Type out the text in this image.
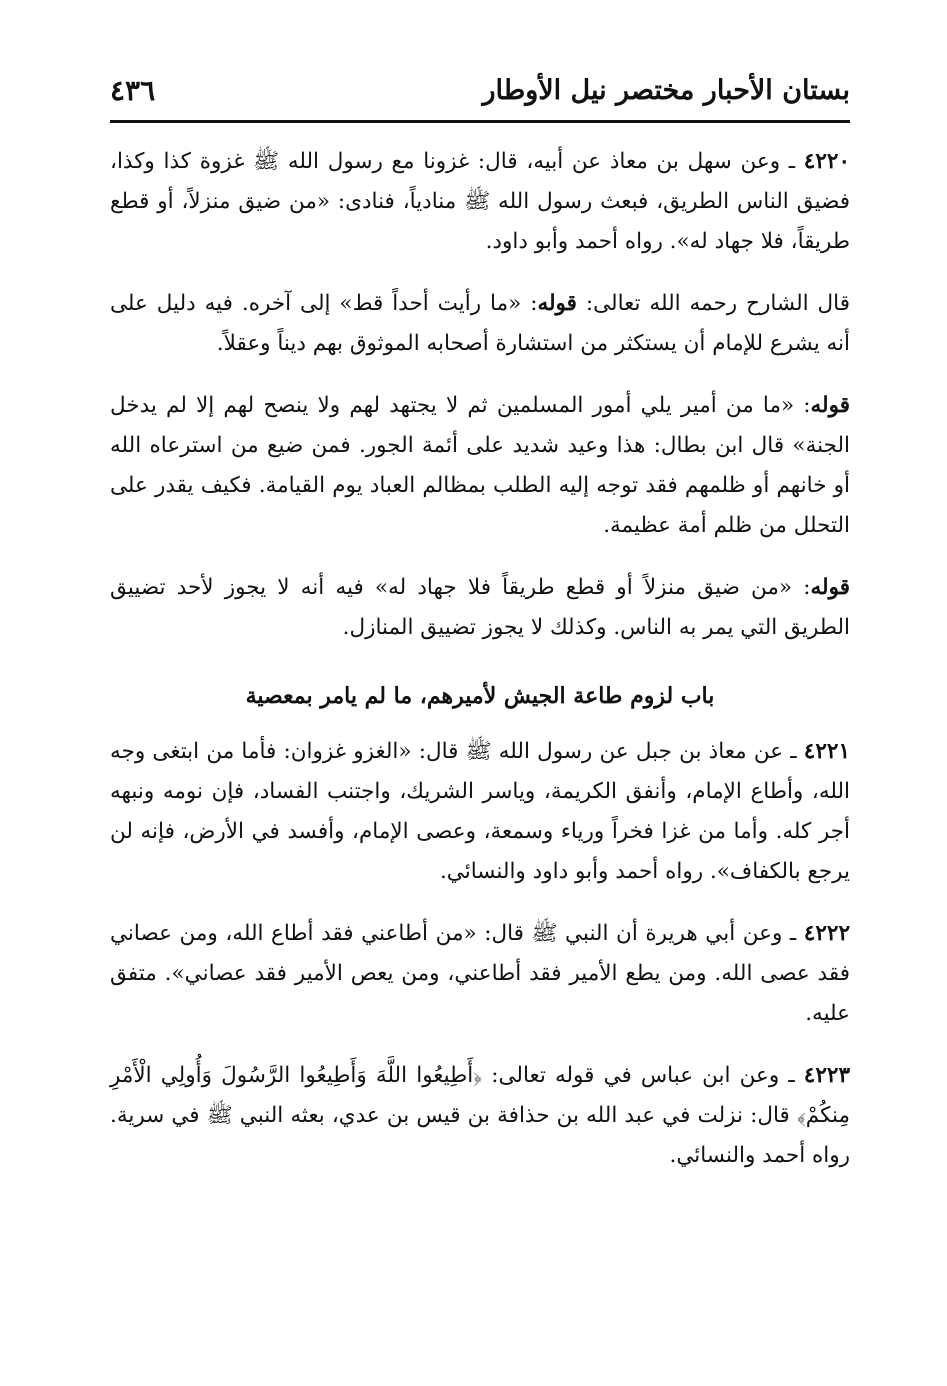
بستان الأحبار مختصر نيل الأوطار
٤٣٦

٤٢٢٠ ـ وعن سهل بن معاذ عن أبيه، قال: غزونا مع رسول الله ﷺ غزوة كذا وكذا، فضيق الناس الطريق، فبعث رسول الله ﷺ منادياً، فنادى: «من ضيق منزلاً، أو قطع طريقاً، فلا جهاد له». رواه أحمد وأبو داود.

قال الشارح رحمه الله تعالى: قوله: «ما رأيت أحداً قط» إلى آخره. فيه دليل على أنه يشرع للإمام أن يستكثر من استشارة أصحابه الموثوق بهم ديناً وعقلاً.

قوله: «ما من أمير يلي أمور المسلمين ثم لا يجتهد لهم ولا ينصح لهم إلا لم يدخل الجنة» قال ابن بطال: هذا وعيد شديد على أئمة الجور. فمن ضيع من استرعاه الله أو خانهم أو ظلمهم فقد توجه إليه الطلب بمظالم العباد يوم القيامة. فكيف يقدر على التحلل من ظلم أمة عظيمة.

قوله: «من ضيق منزلاً أو قطع طريقاً فلا جهاد له» فيه أنه لا يجوز لأحد تضييق الطريق التي يمر به الناس. وكذلك لا يجوز تضييق المنازل.

باب لزوم طاعة الجيش لأميرهم، ما لم يامر بمعصية

٤٢٢١ ـ عن معاذ بن جبل عن رسول الله ﷺ قال: «الغزو غزوان: فأما من ابتغى وجه الله، وأطاع الإمام، وأنفق الكريمة، وياسر الشريك، واجتنب الفساد، فإن نومه ونبهه أجر كله. وأما من غزا فخراً ورياء وسمعة، وعصى الإمام، وأفسد في الأرض، فإنه لن يرجع بالكفاف». رواه أحمد وأبو داود والنسائي.

٤٢٢٢ ـ وعن أبي هريرة أن النبي ﷺ قال: «من أطاعني فقد أطاع الله، ومن عصاني فقد عصى الله. ومن يطع الأمير فقد أطاعني، ومن يعص الأمير فقد عصاني». متفق عليه.

٤٢٢٣ ـ وعن ابن عباس في قوله تعالى: ﴿أَطِيعُوا اللَّهَ وَأَطِيعُوا الرَّسُولَ وَأُولِي الْأَمْرِ مِنكُمْ﴾ قال: نزلت في عبد الله بن حذافة بن قيس بن عدي، بعثه النبي ﷺ في سرية. رواه أحمد والنسائي.
